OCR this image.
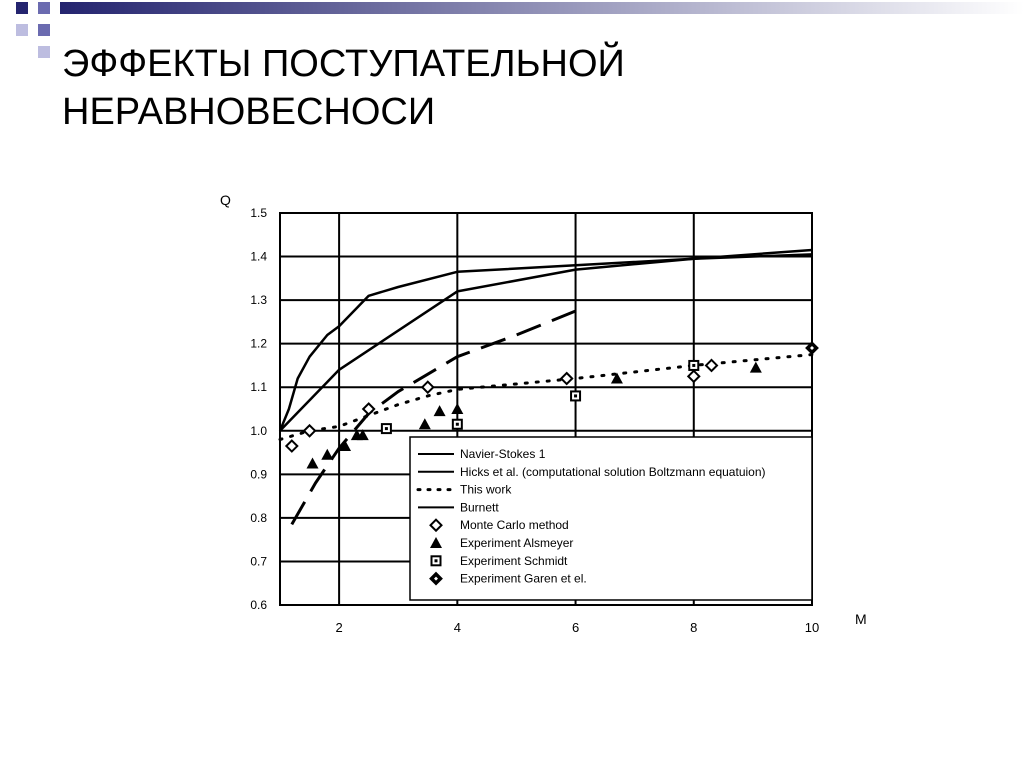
ЭФФЕКТЫ ПОСТУПАТЕЛЬНОЙ
НЕРАВНОВЕСНОСИ
Navier-Stokes 1
Hicks et al. (computational solution Boltzmann equatuion)
This work
Burnett
Monte Carlo method
Experiment Alsmeyer
Experiment Schmidt
Experiment Garen et el.
0.6
0.7
0.8
0.9
1.0
1.1
1.2
1.3
1.4
1.5
2	4	6	8	10
Q
M
